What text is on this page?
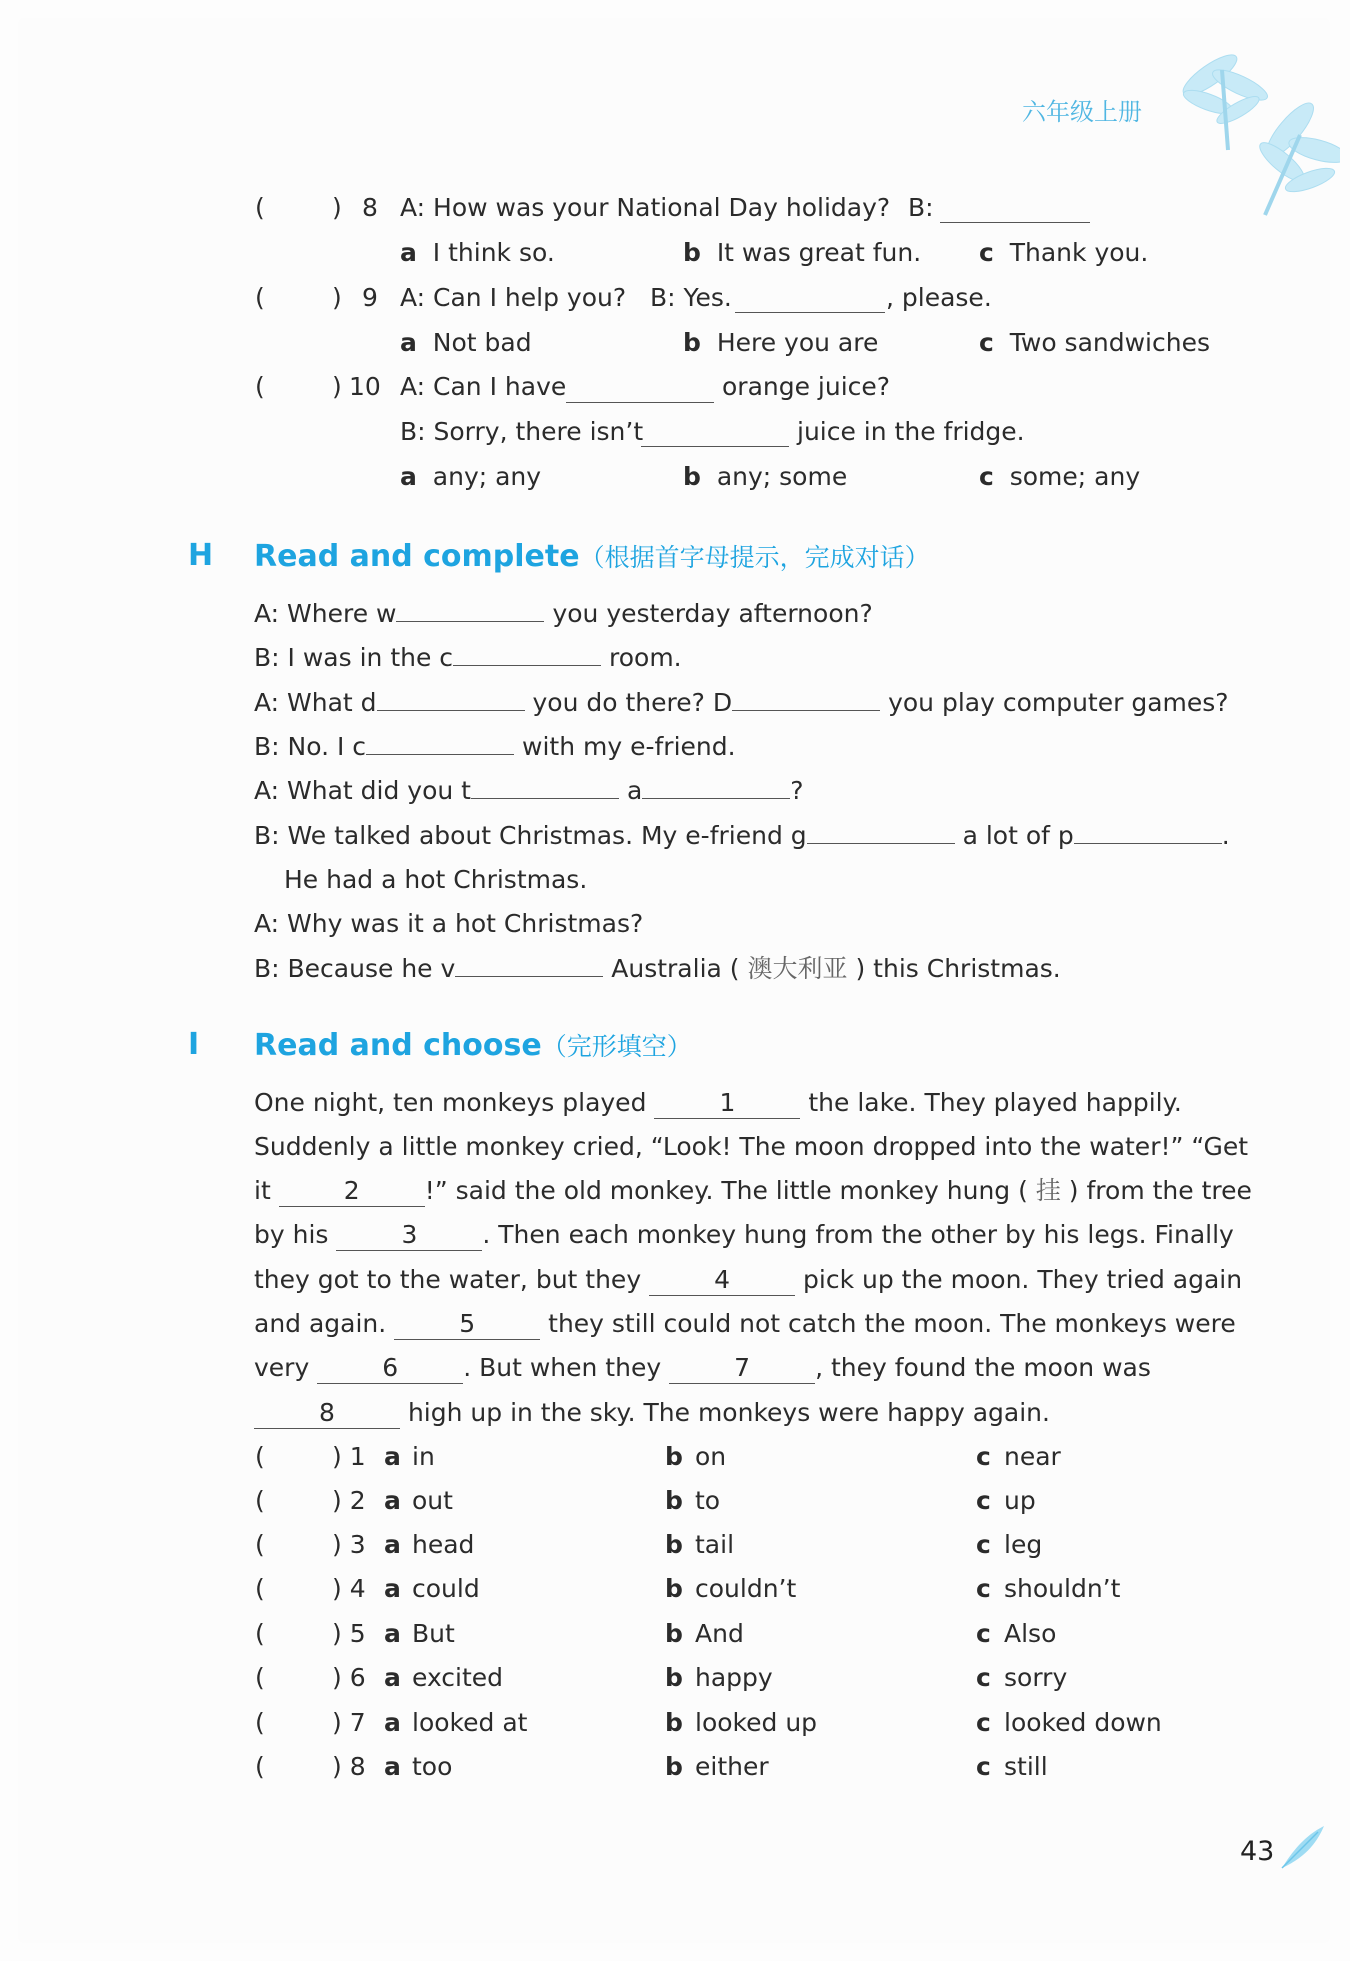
六年级上册
(	) 8 A: How was your National Day holiday? B:
a I think so.	b It was great fun. c Thank you.
(	) 9 A: Can I help you? B: Yes.	, please.
a Not bad	b Here you are	c Two sandwiches
(	) 10 A: Can I have	orange juice?
B: Sorry, there isn’t	juice in the fridge.
a any; any	b any; some	c some; any
H Read and complete（根据首字母提示，完成对话）
A: Where w	you yesterday afternoon?
B: I was in the c	room.
A: What d	you do there? D	you play computer games?
B: No. I c	with my e-friend.
A: What did you t	a	?
B: We talked about Christmas. My e-friend g	a lot of p	.
He had a hot Christmas.
A: Why was it a hot Christmas?
B: Because he v	Australia ( 澳大利亚 ) this Christmas.
I Read and choose（完形填空）
One night, ten monkeys played	1	the lake. They played happily.
Suddenly a little monkey cried, “Look! The moon dropped into the water!” “Get
it	2	!” said the old monkey. The little monkey hung ( 挂 ) from the tree
by his	3	. Then each monkey hung from the other by his legs. Finally
they got to the water, but they	4	pick up the moon. They tried again
and again.	5	they still could not catch the moon. The monkeys were
very	6	. But when they	7	, they found the moon was
8	high up in the sky. The monkeys were happy again.
(	) 1 a in	b on	c near
(	) 2 a out	b to	c up
(	) 3 a head	b tail	c leg
(	) 4 a could	b couldn’t	c shouldn’t
(	) 5 a But	b And	c Also
(	) 6 a excited	b happy	c sorry
(	) 7 a looked at	b looked up	c looked down
(	) 8 a too	b either	c still
43
